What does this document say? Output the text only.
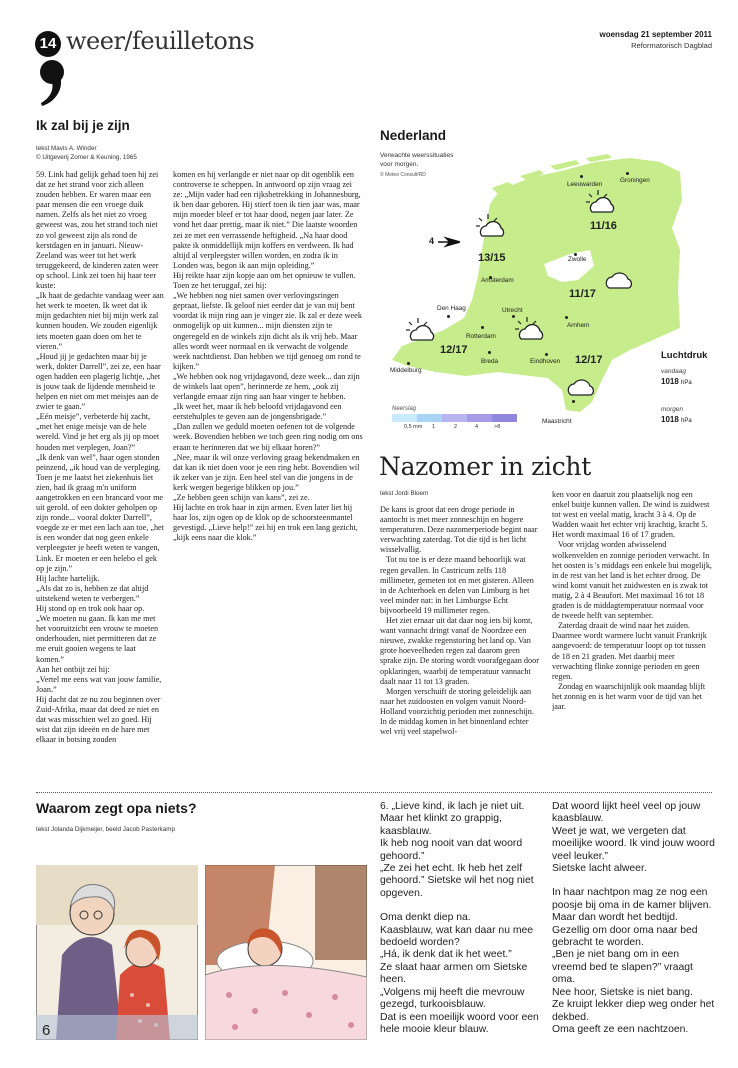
14 weer/feuilletons	woensdag 21 september 2011
Reformatorisch Dagblad
Ik zal bij je zijn
tekst Mavis A. Winder
© Uitgeverij Zomer & Keuning, 1965

59. Link had gelijk gehad toen hij zei dat ze het strand voor zich alleen zouden hebben. Er waren maar een paar mensen die een vroege duik namen. Zelfs als het niet zo vroeg geweest was, zou het strand toch niet zo vol geweest zijn als rond de kerstdagen en in januari. Nieuw-Zeeland was weer tot het werk teruggekeerd, de kinderen zaten weer op school. Link zei toen hij haar teer kuste:

„Ik haat de gedachte vandaag weer aan het werk te moeten. Ik weet dat ik mijn gedachten niet bij mijn werk zal kunnen houden. We zouden eigenlijk iets moeten gaan doen om het te vieren.”

„Houd jij je gedachten maar bij je werk, dokter Darrell”, zei ze, een haar ogen hadden een plagerig lichtje, „het is jouw taak de lijdende mensheid te helpen en niet om met meisjes aan de zwier te gaan.”

„Eén meisje”, verbeterde hij zacht, „met het enige meisje van de hele wereld. Vind je het erg als jij op moet houden met verplegen, Joan?”

„Ik denk van wel”, haar ogen stonden peinzend, „ik houd van de verpleging. Toen je me laatst het ziekenhuis liet zien, had ik graag m'n uniform aangetrokken en een brancard voor me uit gerold. of een dokter geholpen op zijn ronde... vooral dokter Darrell”, voegde ze er met een lach aan toe, „het is een wonder dat nog geen enkele verpleegster je heeft weten te vangen, Link. Er moeten er een helebo el gek op je zijn.”

Hij lachte hartelijk.

„Als dat zo is, hebben ze dat altijd uitstekend weten te verbergen.”

Hij stond op en trok ook haar op.

„We moeten nu gaan. Ik kan me met het vooruitzicht een vrouw te moeten onderhouden, niet permitteren dat ze me eruit gooien wegens te laat komen.”

Aan het ontbijt zei hij:

„Vertel me eens wat van jouw familie, Joan.”

Hij dacht dat ze nu zou beginnen over Zuid-Afrika, maar dat deed ze niet en dat was misschien wel zo goed. Hij wist dat zijn ideeën en de hare met elkaar in botsing zouden

komen en hij verlangde er niet naar op dit ogenblik een controverse te scheppen. In antwoord op zijn vraag zei ze: „Mijn vader had een rijksbetrekking in Johannesburg, ik ben daar geboren. Hij stierf toen ik tien jaar was, maar mijn moeder bleef er tot haar dood, negen jaar later. Ze vond het daar prettig, maar ik niet.” Die laatste woorden zei ze met een verrassende heftigheid. „Na haar dood pakte ik onmiddellijk mijn koffers en verdween. Ik had altijd al verpleegster willen worden, en zodra ik in Londen was, begon ik aan mijn opleiding.”

Hij reikte haar zijn kopje aan om het opnieuw te vullen. Toen ze het teruggaf, zei hij:

„We hebben nog niet samen over verlovingsringen gepraat, liefste. Ik geloof niet eerder dat je van mij bent voordat ik mijn ring aan je vinger zie. Ik zal er deze week onmogelijk op uit kunnen... mijn diensten zijn te ongeregeld en de winkels zijn dicht als ik vrij heb. Maar alles wordt weer normaal en ik verwacht de volgende week nachtdienst. Dan hebben we tijd genoeg om rond te kijken.”

„We hebben ook nog vrijdagavond, deze week... dan zijn de winkels laat open”, herinnerde ze hem, „ook zij verlangde ernaar zijn ring aan haar vinger te hebben.

„Ik weet het, maar ik heb beloofd vrijdagavond een eerstehulples te geven aan de jongensbrigade.”

„Dan zullen we geduld moeten oefenen tot de volgende week. Bovendien hebben we toch geen ring nodig om ons eraan te herinneren dat we bij elkaar horen?”

„Nee, maar ik wil onze verloving graag bekendmaken en dat kan ik niet doen voor je een ring hebt. Bovendien wil ik zeker van je zijn. Een heel stel van die jongens in de kerk wergen begerige blikken op jou.”

„Ze hebben geen schijn van kans”, zei ze.

Hij lachte en trok haar in zijn armen. Even later liet hij haar los, zijn ogen op de klok op de schoorsteenmantel gevestigd. „Lieve help!” zei hij en trok een lang gezicht, „kijk eens naar die klok.”

Nederland
Verwachte weerssituaties
voor morgen.
© Meteo Consult/RD
4
Leeuwarden
Groningen
Zwolle
Amsterdam
Den Haag	Utrecht
Rotterdam
Arnhem
Middelburg
Breda	Eindhoven
Maastricht
11/16
13/15
11/17
12/17
12/17
Neerslag
0,5 mm 1	2	4	>8
Luchtdruk
vandaag
1018 hPa
morgen
1018 hPa
Nazomer in zicht
tekst Jordi Bloem

De kans is groot dat een droge periode in aantocht is met meer zonneschijn en hogere temperaturen. Deze nazomerperiode begint naar verwachting zaterdag. Tot die tijd is het licht wisselvallig.

Tot nu toe is er deze maand behoorlijk wat regen gevallen. In Castricum zelfs 118 millimeter, gemeten tot en met gisteren. Alleen in de Achterhoek en delen van Limburg is het veel minder nat: in het Limburgse Echt bijvoorbeeld 19 millimeter regen.

Het ziet ernaar uit dat daar nog iets bij komt, want vannacht dringt vanaf de Noordzee een nieuwe, zwakke regenstoring het land op. Van grote hoeveelheden regen zal daarom geen sprake zijn. De storing wordt voorafgegaan door opklaringen, waarbij de temperatuur vannacht daalt naar 11 tot 13 graden.

Morgen verschuift de storing geleidelijk aan naar het zuidoosten en volgen vanuit Noord-Holland voorzichtig perioden met zonneschijn. In de middag komen in het binnenland echter wel vrij veel stapelwol-

ken voor en daaruit zou plaatselijk nog een enkel buitje kunnen vallen. De wind is zuidwest tot west en veelal matig, kracht 3 à 4. Op de Wadden waait het echter vrij krachtig, kracht 5. Het wordt maximaal 16 of 17 graden.

Voor vrijdag worden afwisselend wolkenvelden en zonnige perioden verwacht. In het oosten is 's middags een enkele bui mogelijk, in de rest van het land is het echter droog. De wind komt vanuit het zuidwesten en is zwak tot matig, 2 à 4 Beaufort. Met maximaal 16 tot 18 graden is de middagtemperatuur normaal voor de tweede helft van september.

Zaterdag draait de wind naar het zuiden. Daarmee wordt warmere lucht vanuit Frankrijk aangevoerd: de temperatuur loopt op tot tussen de 18 en 21 graden. Met daarbij meer verwachting flinke zonnige perioden en geen regen.

Zondag en waarschijnlijk ook maandag blijft het zonnig en is het warm voor de tijd van het jaar.

Waarom zegt opa niets?
tekst Jolanda Dijkmeijer, beeld Jacob Pasterkamp
6
6. „Lieve kind, ik lach je niet uit.
Maar het klinkt zo grappig, kaasblauw.
Ik heb nog nooit van dat woord gehoord.”
„Ze zei het echt. Ik heb het zelf gehoord.” Sietske wil het nog niet opgeven.
Oma denkt diep na.
Kaasblauw, wat kan daar nu mee bedoeld worden?
„Há, ik denk dat ik het weet.”
Ze slaat haar armen om Sietske heen.
„Volgens mij heeft die mevrouw gezegd, turkooisblauw.
Dat is een moeilijk woord voor een hele mooie kleur blauw.
Dat woord lijkt heel veel op jouw kaasblauw.
Weet je wat, we vergeten dat moeilijke woord. Ik vind jouw woord veel leuker.”
Sietske lacht alweer.
In haar nachtpon mag ze nog een poosje bij oma in de kamer blijven.
Maar dan wordt het bedtijd.
Gezellig om door oma naar bed gebracht te worden.
„Ben je niet bang om in een vreemd bed te slapen?” vraagt oma.
Nee hoor, Sietske is niet bang.
Ze kruipt lekker diep weg onder het dekbed.
Oma geeft ze een nachtzoen.
